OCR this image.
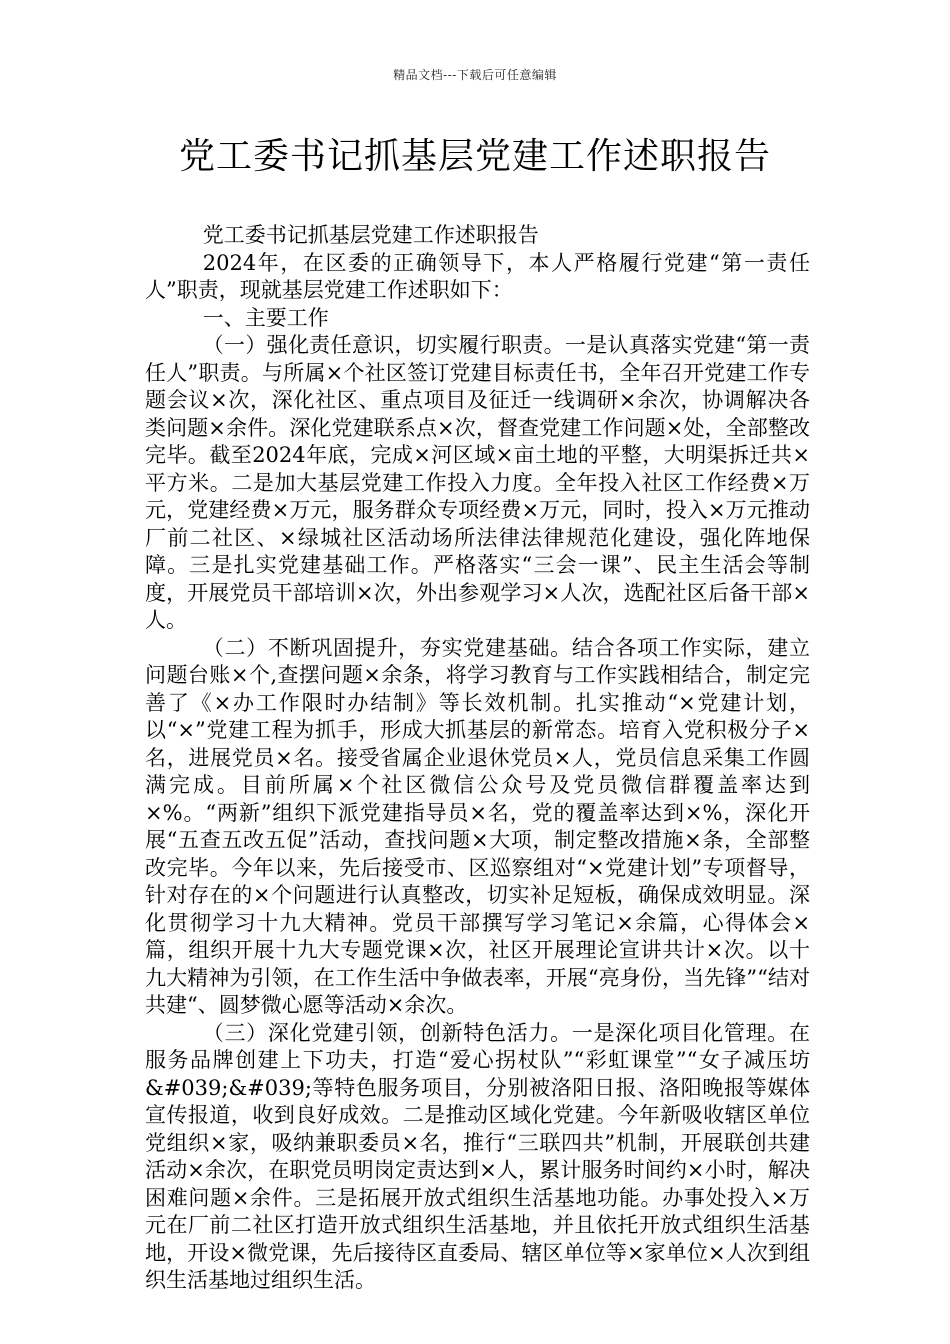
精品文档---下载后可任意编辑
党工委书记抓基层党建工作述职报告

党工委书记抓基层党建工作述职报告

2024年，在区委的正确领导下，本人严格履行党建“第一责任人”职责，现就基层党建工作述职如下：

一、主要工作

（一）强化责任意识，切实履行职责。一是认真落实党建“第一责任人”职责。与所属×个社区签订党建目标责任书，全年召开党建工作专题会议×次，深化社区、重点项目及征迁一线调研×余次，协调解决各类问题×余件。深化党建联系点×次，督查党建工作问题×处，全部整改完毕。截至2024年底，完成×河区域×亩土地的平整，大明渠拆迁共×平方米。二是加大基层党建工作投入力度。全年投入社区工作经费×万元，党建经费×万元，服务群众专项经费×万元，同时，投入×万元推动厂前二社区、×绿城社区活动场所法律法律规范化建设，强化阵地保障。三是扎实党建基础工作。严格落实“三会一课”、民主生活会等制度，开展党员干部培训×次，外出参观学习×人次，选配社区后备干部×人。

（二）不断巩固提升，夯实党建基础。结合各项工作实际，建立问题台账×个,查摆问题×余条，将学习教育与工作实践相结合，制定完善了《×办工作限时办结制》等长效机制。扎实推动“×党建计划，以“×”党建工程为抓手，形成大抓基层的新常态。培育入党积极分子×名，进展党员×名。接受省属企业退休党员×人，党员信息采集工作圆满完成。目前所属×个社区微信公众号及党员微信群覆盖率达到×%。“两新”组织下派党建指导员×名，党的覆盖率达到×%，深化开展“五查五改五促”活动，查找问题×大项，制定整改措施×条，全部整改完毕。今年以来，先后接受市、区巡察组对“×党建计划”专项督导，针对存在的×个问题进行认真整改，切实补足短板，确保成效明显。深化贯彻学习十九大精神。党员干部撰写学习笔记×余篇，心得体会×篇，组织开展十九大专题党课×次，社区开展理论宣讲共计×次。以十九大精神为引领，在工作生活中争做表率，开展“亮身份，当先锋”“结对共建“、圆梦微心愿等活动×余次。

（三）深化党建引领，创新特色活力。一是深化项目化管理。在服务品牌创建上下功夫，打造“爱心拐杖队”“彩虹课堂”“女子减压坊&#039;&#039;等特色服务项目，分别被洛阳日报、洛阳晚报等媒体宣传报道，收到良好成效。二是推动区域化党建。今年新吸收辖区单位党组织×家，吸纳兼职委员×名，推行“三联四共”机制，开展联创共建活动×余次，在职党员明岗定责达到×人，累计服务时间约×小时，解决困难问题×余件。三是拓展开放式组织生活基地功能。办事处投入×万元在厂前二社区打造开放式组织生活基地，并且依托开放式组织生活基地，开设×微党课，先后接待区直委局、辖区单位等×家单位×人次到组织生活基地过组织生活。
